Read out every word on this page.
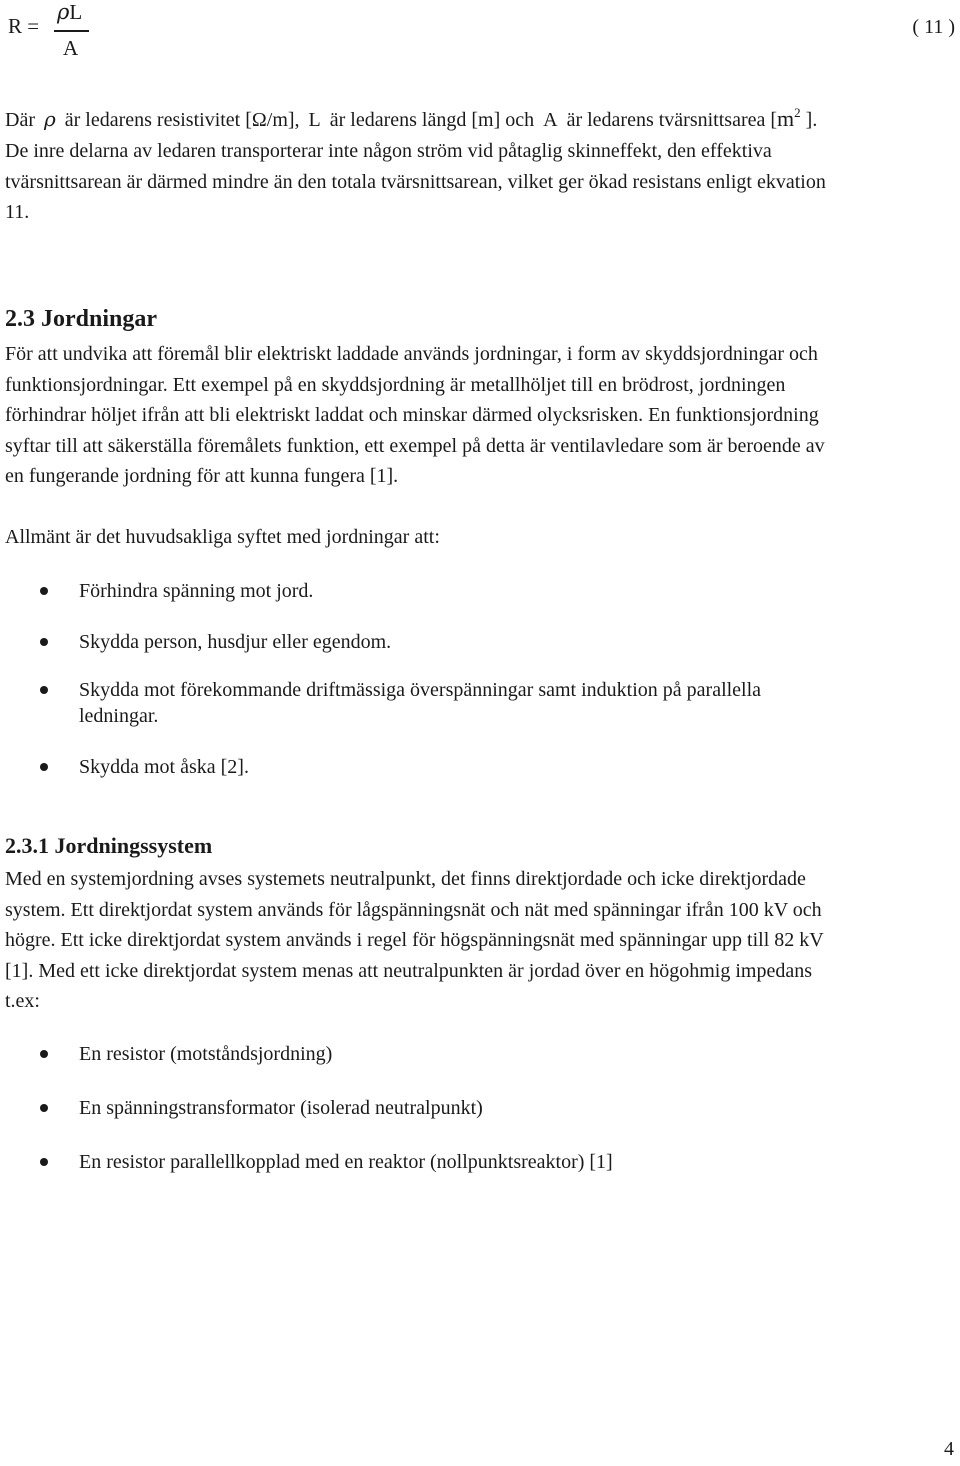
R =
ρL
A
( 11 )
Där ρ är ledarens resistivitet [Ω/m], L är ledarens längd [m] och A är ledarens tvärsnittsarea [$m^2$ ].
De inre delarna av ledaren transporterar inte någon ström vid påtaglig skinneffekt, den effektiva
tvärsnittsarean är därmed mindre än den totala tvärsnittsarean, vilket ger ökad resistans enligt ekvation
11.
2.3 Jordningar
För att undvika att föremål blir elektriskt laddade används jordningar, i form av skyddsjordningar och
funktionsjordningar. Ett exempel på en skyddsjordning är metallhöljet till en brödrost, jordningen
förhindrar höljet ifrån att bli elektriskt laddat och minskar därmed olycksrisken. En funktionsjordning
syftar till att säkerställa föremålets funktion, ett exempel på detta är ventilavledare som är beroende av
en fungerande jordning för att kunna fungera [1].
Allmänt är det huvudsakliga syftet med jordningar att:
Förhindra spänning mot jord.
Skydda person, husdjur eller egendom.
Skydda mot förekommande driftmässiga överspänningar samt induktion på parallella
ledningar.
Skydda mot åska [2].
2.3.1 Jordningssystem
Med en systemjordning avses systemets neutralpunkt, det finns direktjordade och icke direktjordade
system. Ett direktjordat system används för lågspänningsnät och nät med spänningar ifrån 100 kV och
högre. Ett icke direktjordat system används i regel för högspänningsnät med spänningar upp till 82 kV
[1]. Med ett icke direktjordat system menas att neutralpunkten är jordad över en högohmig impedans
t.ex:
En resistor (motståndsjordning)
En spänningstransformator (isolerad neutralpunkt)
En resistor parallellkopplad med en reaktor (nollpunktsreaktor) [1]
4
